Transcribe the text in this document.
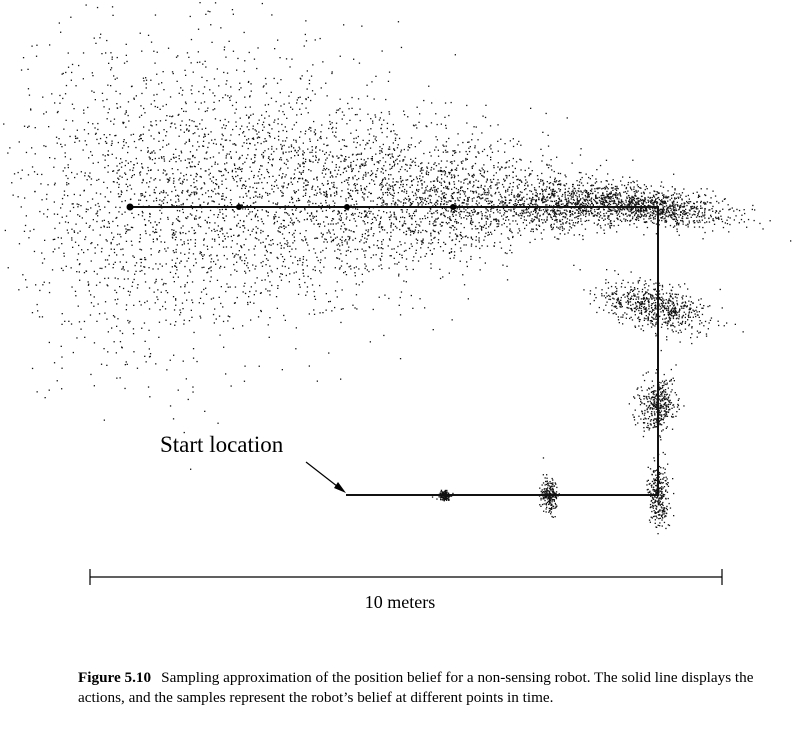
Start location
10 meters
Figure 5.10 Sampling approximation of the position belief for a non-sensing robot. The solid line displays the actions, and the samples represent the robot’s belief at different points in time.
